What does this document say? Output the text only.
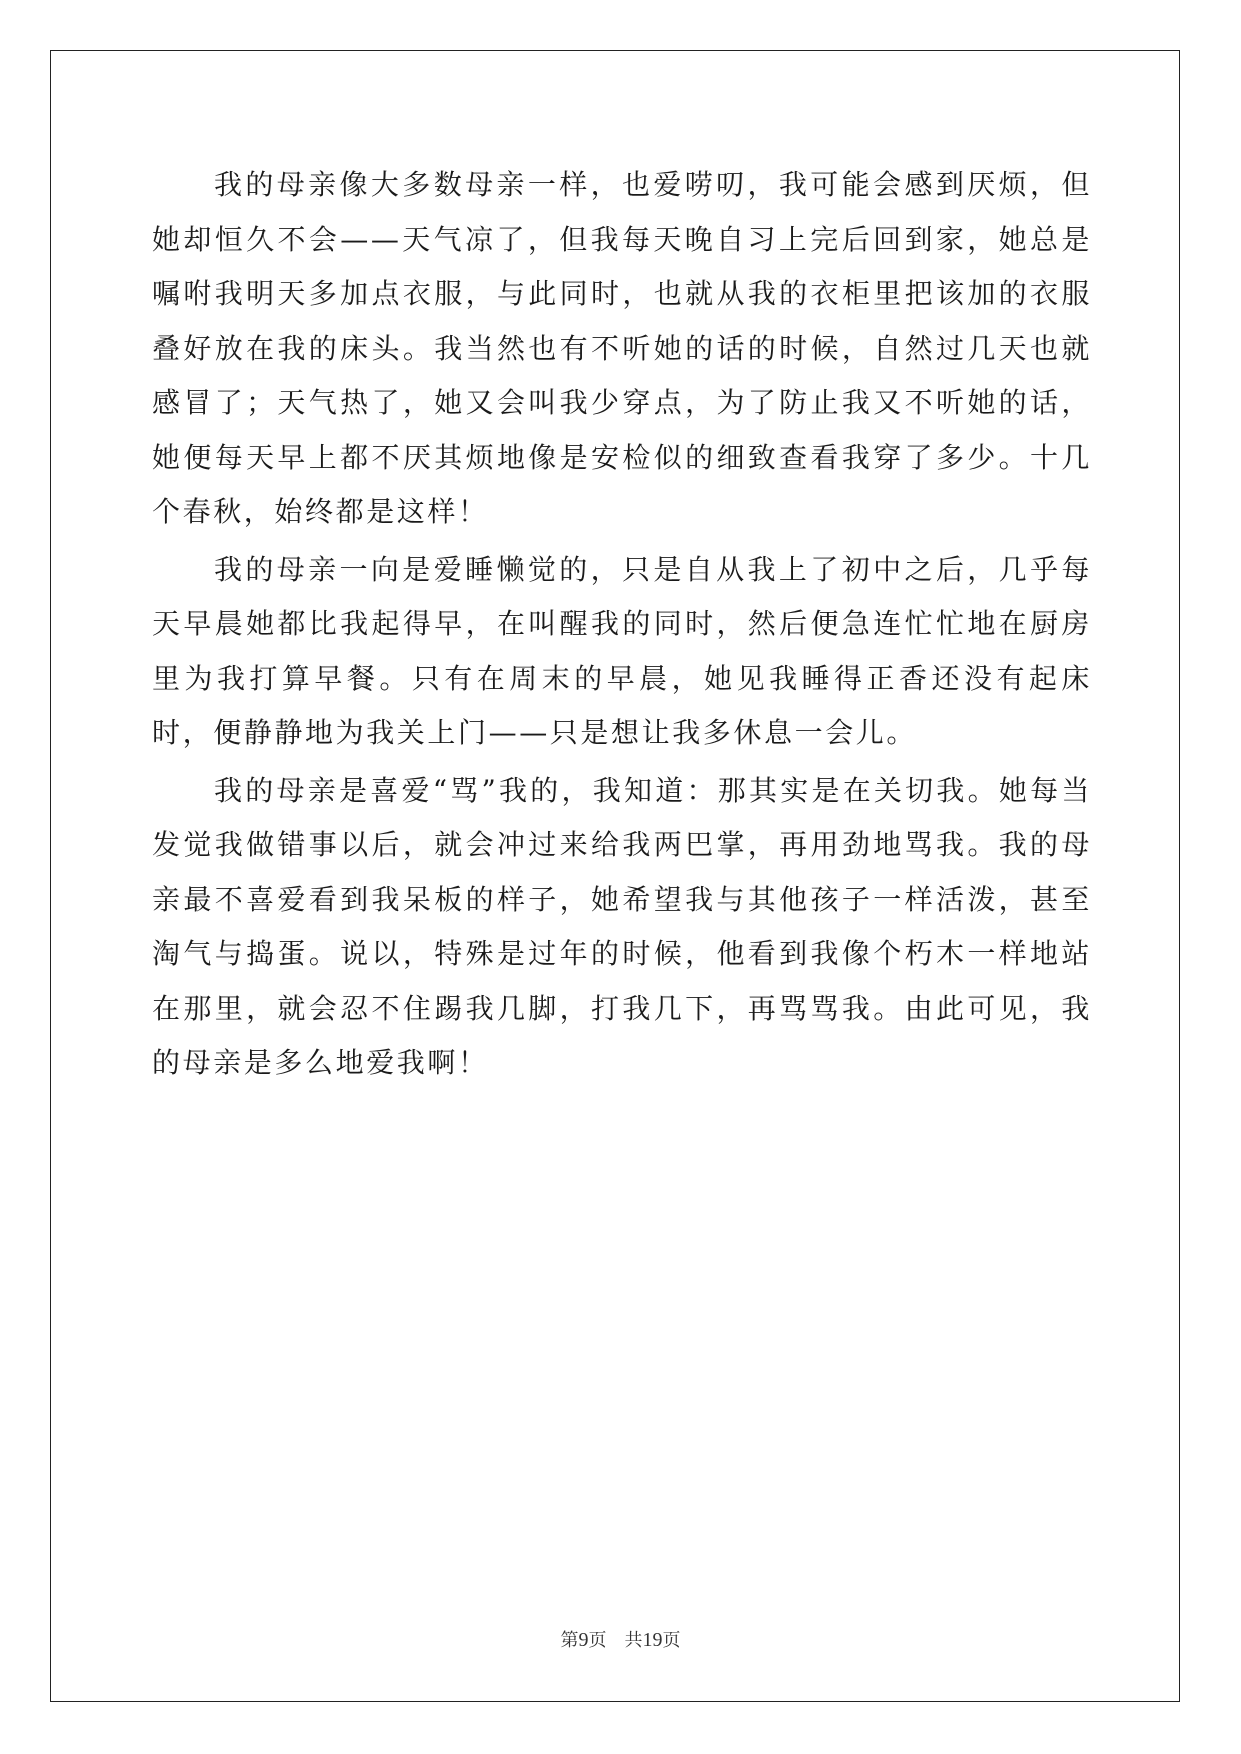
我的母亲像大多数母亲一样，也爱唠叨，我可能会感到厌烦，但她却恒久不会——天气凉了，但我每天晚自习上完后回到家，她总是嘱咐我明天多加点衣服，与此同时，也就从我的衣柜里把该加的衣服叠好放在我的床头。我当然也有不听她的话的时候，自然过几天也就感冒了；天气热了，她又会叫我少穿点，为了防止我又不听她的话，她便每天早上都不厌其烦地像是安检似的细致查看我穿了多少。十几个春秋，始终都是这样！

我的母亲一向是爱睡懒觉的，只是自从我上了初中之后，几乎每天早晨她都比我起得早，在叫醒我的同时，然后便急连忙忙地在厨房里为我打算早餐。只有在周末的早晨，她见我睡得正香还没有起床时，便静静地为我关上门——只是想让我多休息一会儿。

我的母亲是喜爱“骂”我的，我知道：那其实是在关切我。她每当发觉我做错事以后，就会冲过来给我两巴掌，再用劲地骂我。我的母亲最不喜爱看到我呆板的样子，她希望我与其他孩子一样活泼，甚至淘气与捣蛋。说以，特殊是过年的时候，他看到我像个朽木一样地站在那里，就会忍不住踢我几脚，打我几下，再骂骂我。由此可见，我的母亲是多么地爱我啊！

第9页 共19页
